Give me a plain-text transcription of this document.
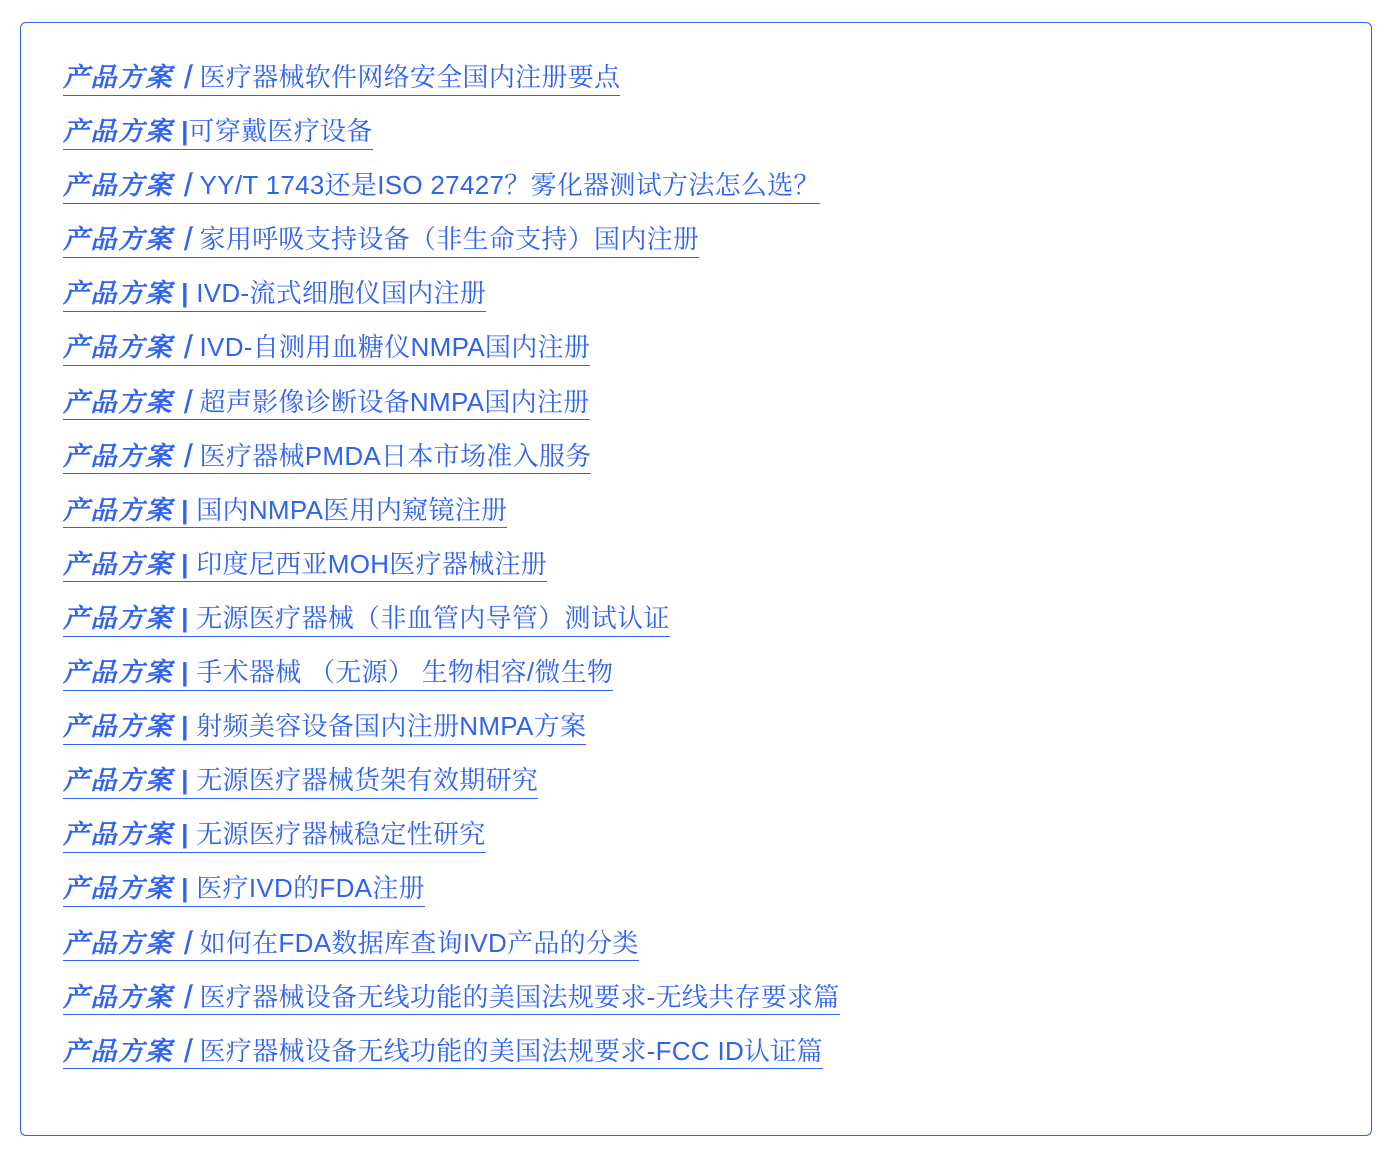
产品方案丨医疗器械软件网络安全国内注册要点
产品方案 |可穿戴医疗设备
产品方案丨YY/T 1743还是ISO 27427？雾化器测试方法怎么选？
产品方案丨家用呼吸支持设备（非生命支持）国内注册
产品方案 | IVD-流式细胞仪国内注册
产品方案丨IVD-自测用血糖仪NMPA国内注册
产品方案丨超声影像诊断设备NMPA国内注册
产品方案丨医疗器械PMDA日本市场准入服务
产品方案 | 国内NMPA医用内窥镜注册
产品方案 | 印度尼西亚MOH医疗器械注册
产品方案 | 无源医疗器械（非血管内导管）测试认证
产品方案 | 手术器械 （无源） 生物相容/微生物
产品方案 | 射频美容设备国内注册NMPA方案
产品方案 | 无源医疗器械货架有效期研究
产品方案 | 无源医疗器械稳定性研究
产品方案 | 医疗IVD的FDA注册
产品方案丨如何在FDA数据库查询IVD产品的分类
产品方案丨医疗器械设备无线功能的美国法规要求-无线共存要求篇
产品方案丨医疗器械设备无线功能的美国法规要求-FCC ID认证篇
